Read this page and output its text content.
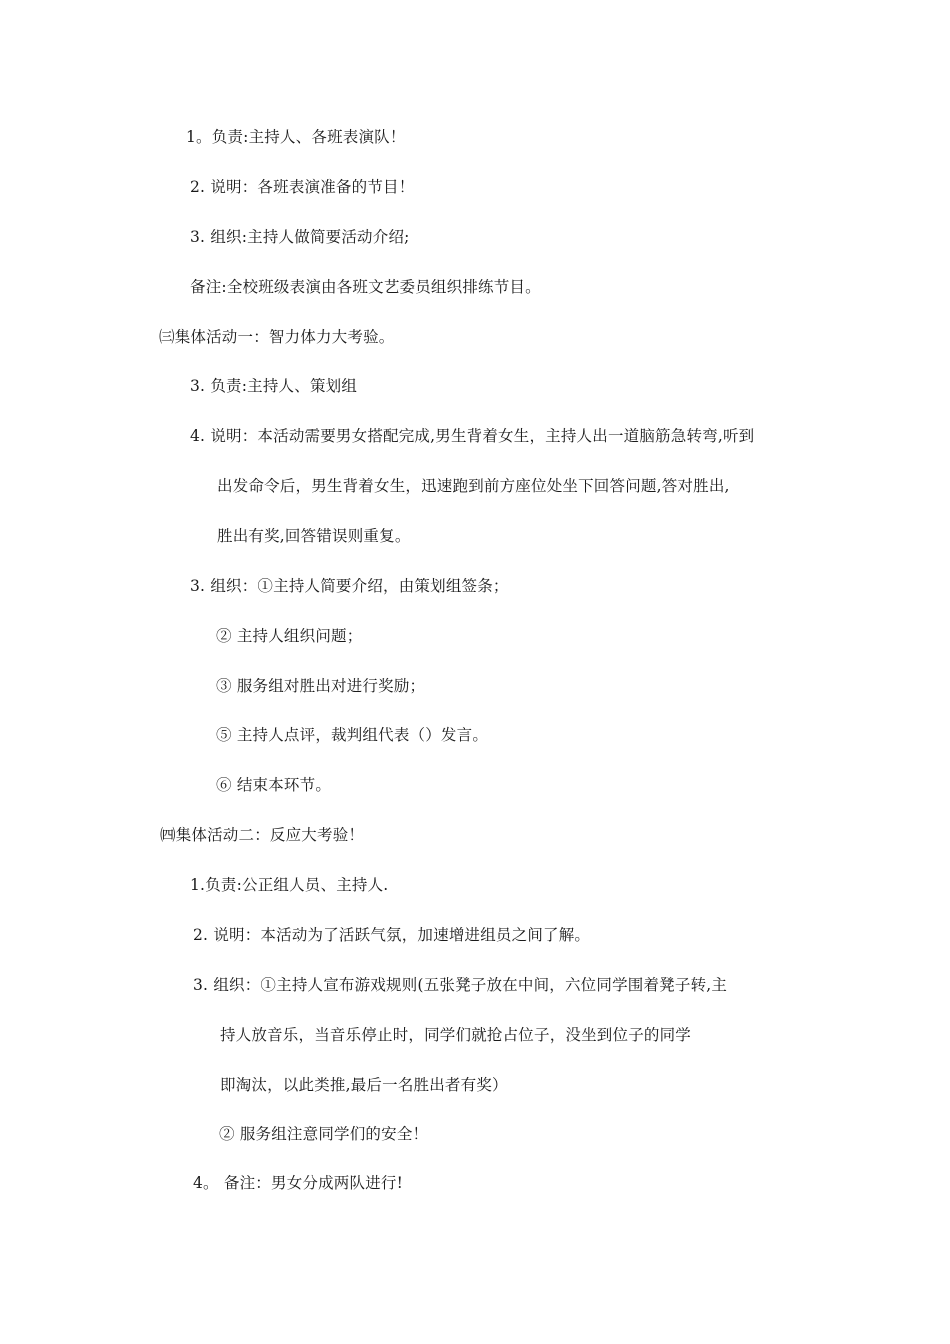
1。负责:主持人、各班表演队！
2. 说明：各班表演准备的节目！
3. 组织:主持人做简要活动介绍;
备注:全校班级表演由各班文艺委员组织排练节目。
㈢集体活动一：智力体力大考验。
3. 负责:主持人、策划组
4. 说明：本活动需要男女搭配完成,男生背着女生，主持人出一道脑筋急转弯,听到
出发命令后，男生背着女生，迅速跑到前方座位处坐下回答问题,答对胜出,
胜出有奖,回答错误则重复。
3. 组织：①主持人简要介绍，由策划组签条；
② 主持人组织问题；
③ 服务组对胜出对进行奖励；
⑤ 主持人点评，裁判组代表（）发言。
⑥ 结束本环节。
㈣集体活动二：反应大考验！
1.负责:公正组人员、主持人.
2. 说明：本活动为了活跃气氛，加速增进组员之间了解。
3. 组织：①主持人宣布游戏规则(五张凳子放在中间，六位同学围着凳子转,主
持人放音乐，当音乐停止时，同学们就抢占位子，没坐到位子的同学
即淘汰，以此类推,最后一名胜出者有奖）
② 服务组注意同学们的安全！
4。 备注：男女分成两队进行!
